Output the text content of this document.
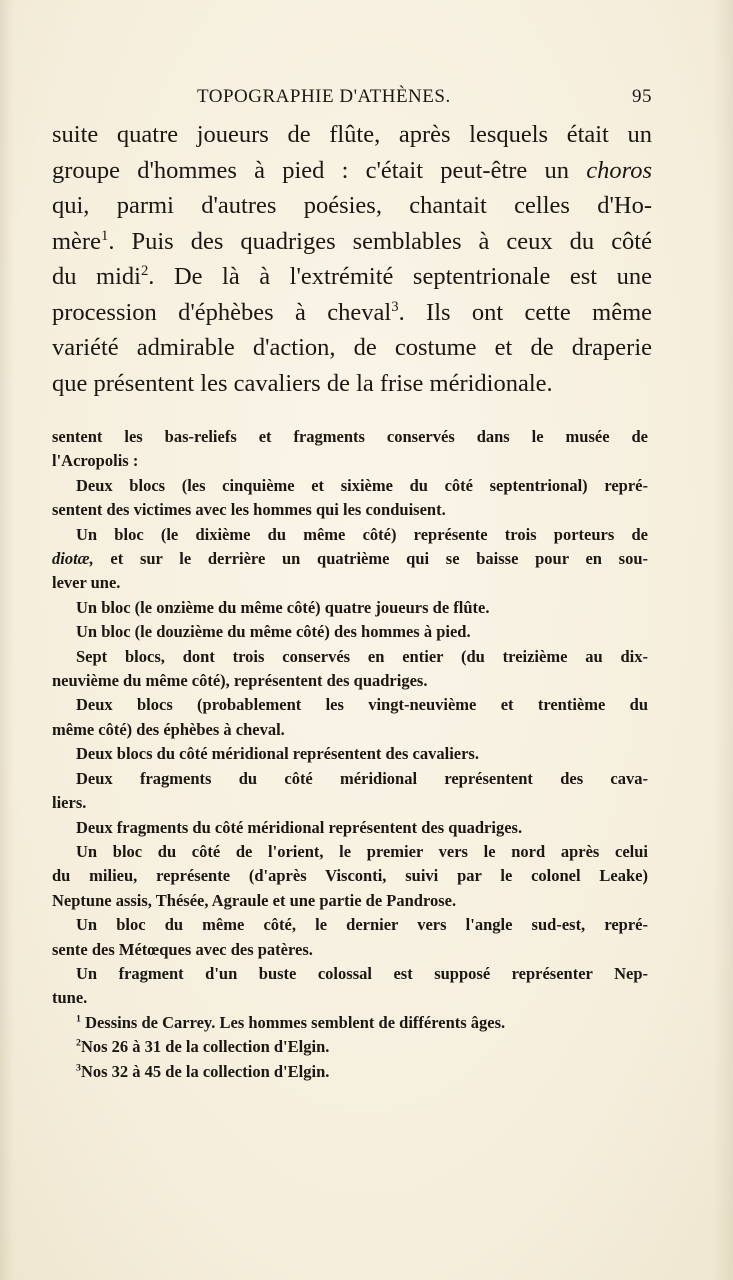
TOPOGRAPHIE D'ATHÈNES.	95
suite quatre joueurs de flûte, après lesquels était un
groupe d'hommes à pied : c'était peut-être un choros
qui, parmi d'autres poésies, chantait celles d'Ho-
mère$^1$. Puis des quadriges semblables à ceux du côté
du midi$^2$. De là à l'extrémité septentrionale est une
procession d'éphèbes à cheval$^3$. Ils ont cette même
variété admirable d'action, de costume et de draperie
que présentent les cavaliers de la frise méridionale.
sentent les bas-reliefs et fragments conservés dans le musée de
l'Acropolis :
Deux blocs (les cinquième et sixième du côté septentrional) repré-
sentent des victimes avec les hommes qui les conduisent.
Un bloc (le dixième du même côté) représente trois porteurs de
diotæ, et sur le derrière un quatrième qui se baisse pour en sou-
lever une.
Un bloc (le onzième du même côté) quatre joueurs de flûte.
Un bloc (le douzième du même côté) des hommes à pied.
Sept blocs, dont trois conservés en entier (du treizième au dix-
neuvième du même côté), représentent des quadriges.
Deux blocs (probablement les vingt-neuvième et trentième du
même côté) des éphèbes à cheval.
Deux blocs du côté méridional représentent des cavaliers.
Deux fragments du côté méridional représentent des cava-
liers.
Deux fragments du côté méridional représentent des quadriges.
Un bloc du côté de l'orient, le premier vers le nord après celui
du milieu, représente (d'après Visconti, suivi par le colonel Leake)
Neptune assis, Thésée, Agraule et une partie de Pandrose.
Un bloc du même côté, le dernier vers l'angle sud-est, repré-
sente des Métœques avec des patères.
Un fragment d'un buste colossal est supposé représenter Nep-
tune.
$^1$ Dessins de Carrey. Les hommes semblent de différents âges.
$^2$Nos 26 à 31 de la collection d'Elgin.
$^3$Nos 32 à 45 de la collection d'Elgin.
